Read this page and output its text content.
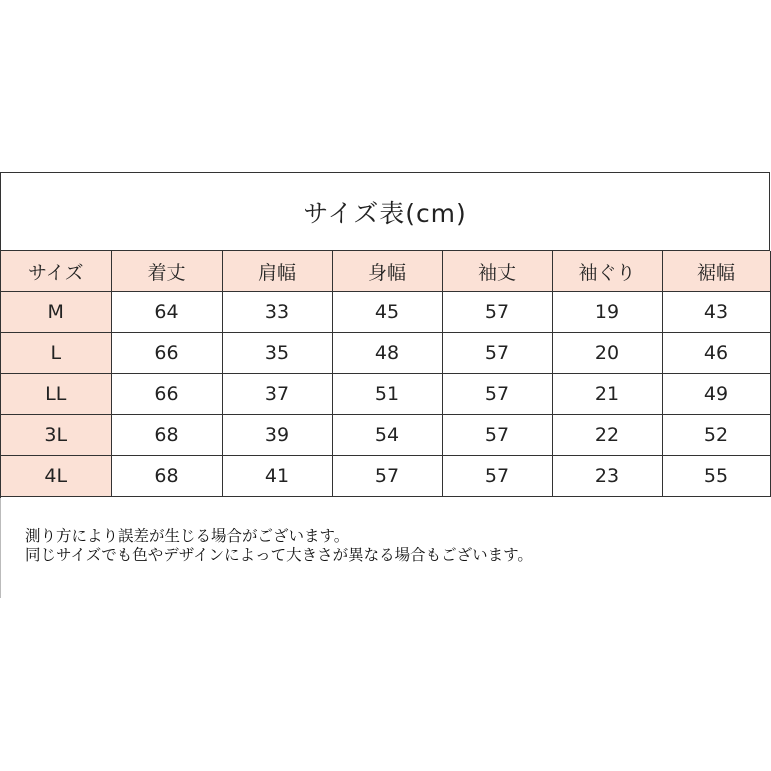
サイズ表(cm)
サイズ	着丈	肩幅	身幅	袖丈	袖ぐり	裾幅
M	64	33	45	57	19	43
L	66	35	48	57	20	46
LL	66	37	51	57	21	49
3L	68	39	54	57	22	52
4L	68	41	57	57	23	55
測り方により誤差が生じる場合がございます。
同じサイズでも色やデザインによって大きさが異なる場合もございます。
